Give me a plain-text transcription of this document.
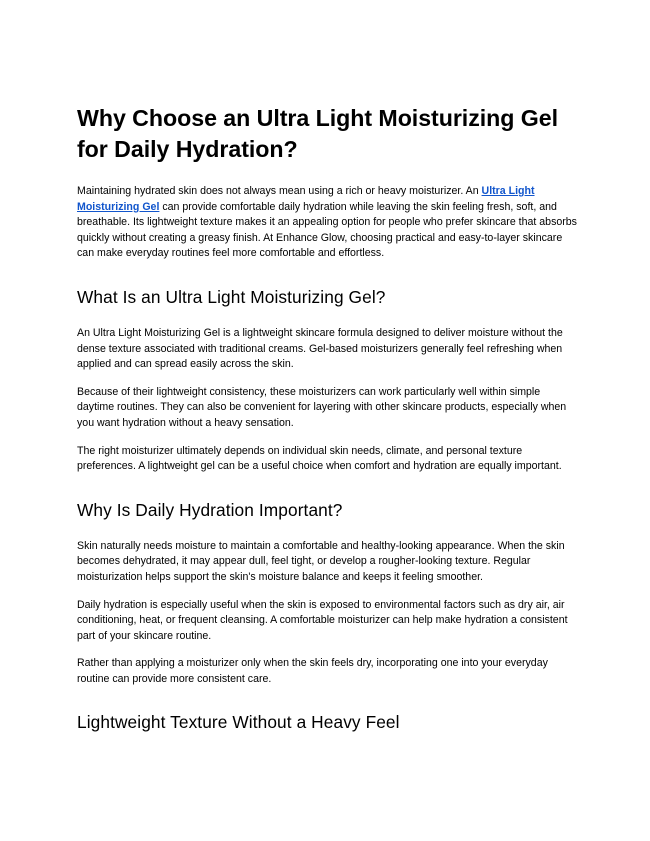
Why Choose an Ultra Light Moisturizing Gel for Daily Hydration?

Maintaining hydrated skin does not always mean using a rich or heavy moisturizer. An Ultra Light Moisturizing Gel can provide comfortable daily hydration while leaving the skin feeling fresh, soft, and breathable. Its lightweight texture makes it an appealing option for people who prefer skincare that absorbs quickly without creating a greasy finish. At Enhance Glow, choosing practical and easy-to-layer skincare can make everyday routines feel more comfortable and effortless.

What Is an Ultra Light Moisturizing Gel?

An Ultra Light Moisturizing Gel is a lightweight skincare formula designed to deliver moisture without the dense texture associated with traditional creams. Gel-based moisturizers generally feel refreshing when applied and can spread easily across the skin.

Because of their lightweight consistency, these moisturizers can work particularly well within simple daytime routines. They can also be convenient for layering with other skincare products, especially when you want hydration without a heavy sensation.

The right moisturizer ultimately depends on individual skin needs, climate, and personal texture preferences. A lightweight gel can be a useful choice when comfort and hydration are equally important.

Why Is Daily Hydration Important?

Skin naturally needs moisture to maintain a comfortable and healthy-looking appearance. When the skin becomes dehydrated, it may appear dull, feel tight, or develop a rougher-looking texture. Regular moisturization helps support the skin's moisture balance and keeps it feeling smoother.

Daily hydration is especially useful when the skin is exposed to environmental factors such as dry air, air conditioning, heat, or frequent cleansing. A comfortable moisturizer can help make hydration a consistent part of your skincare routine.

Rather than applying a moisturizer only when the skin feels dry, incorporating one into your everyday routine can provide more consistent care.

Lightweight Texture Without a Heavy Feel
